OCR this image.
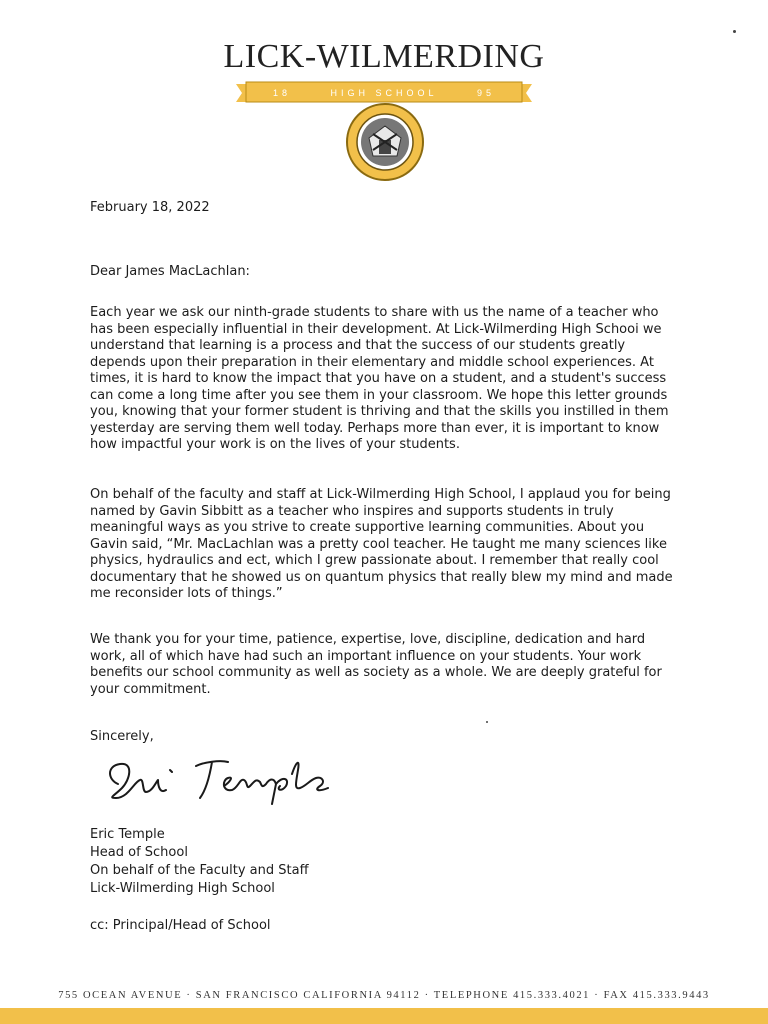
LICK-WILMERDING
18	HIGH SCHOOL	95
February 18, 2022
Dear James MacLachlan:

Each year we ask our ninth-grade students to share with us the name of a teacher who has been especially influential in their development. At Lick-Wilmerding High Schooi we understand that learning is a process and that the success of our students greatly depends upon their preparation in their elementary and middle school experiences. At times, it is hard to know the impact that you have on a student, and a student's success can come a long time after you see them in your classroom. We hope this letter grounds you, knowing that your former student is thriving and that the skills you instilled in them yesterday are serving them well today. Perhaps more than ever, it is important to know how impactful your work is on the lives of your students.

On behalf of the faculty and staff at Lick-Wilmerding High School, I applaud you for being named by Gavin Sibbitt as a teacher who inspires and supports students in truly meaningful ways as you strive to create supportive learning communities. About you Gavin said, “Mr. MacLachlan was a pretty cool teacher. He taught me many sciences like physics, hydraulics and ect, which I grew passionate about. I remember that really cool documentary that he showed us on quantum physics that really blew my mind and made me reconsider lots of things.”

We thank you for your time, patience, expertise, love, discipline, dedication and hard work, all of which have had such an important influence on your students. Your work benefits our school community as well as society as a whole. We are deeply grateful for your commitment.

Sincerely,
Eric Temple
Head of School
On behalf of the Faculty and Staff
Lick-Wilmerding High School
cc: Principal/Head of School
755 OCEAN AVENUE · SAN FRANCISCO CALIFORNIA 94112 · TELEPHONE 415.333.4021 · FAX 415.333.9443
